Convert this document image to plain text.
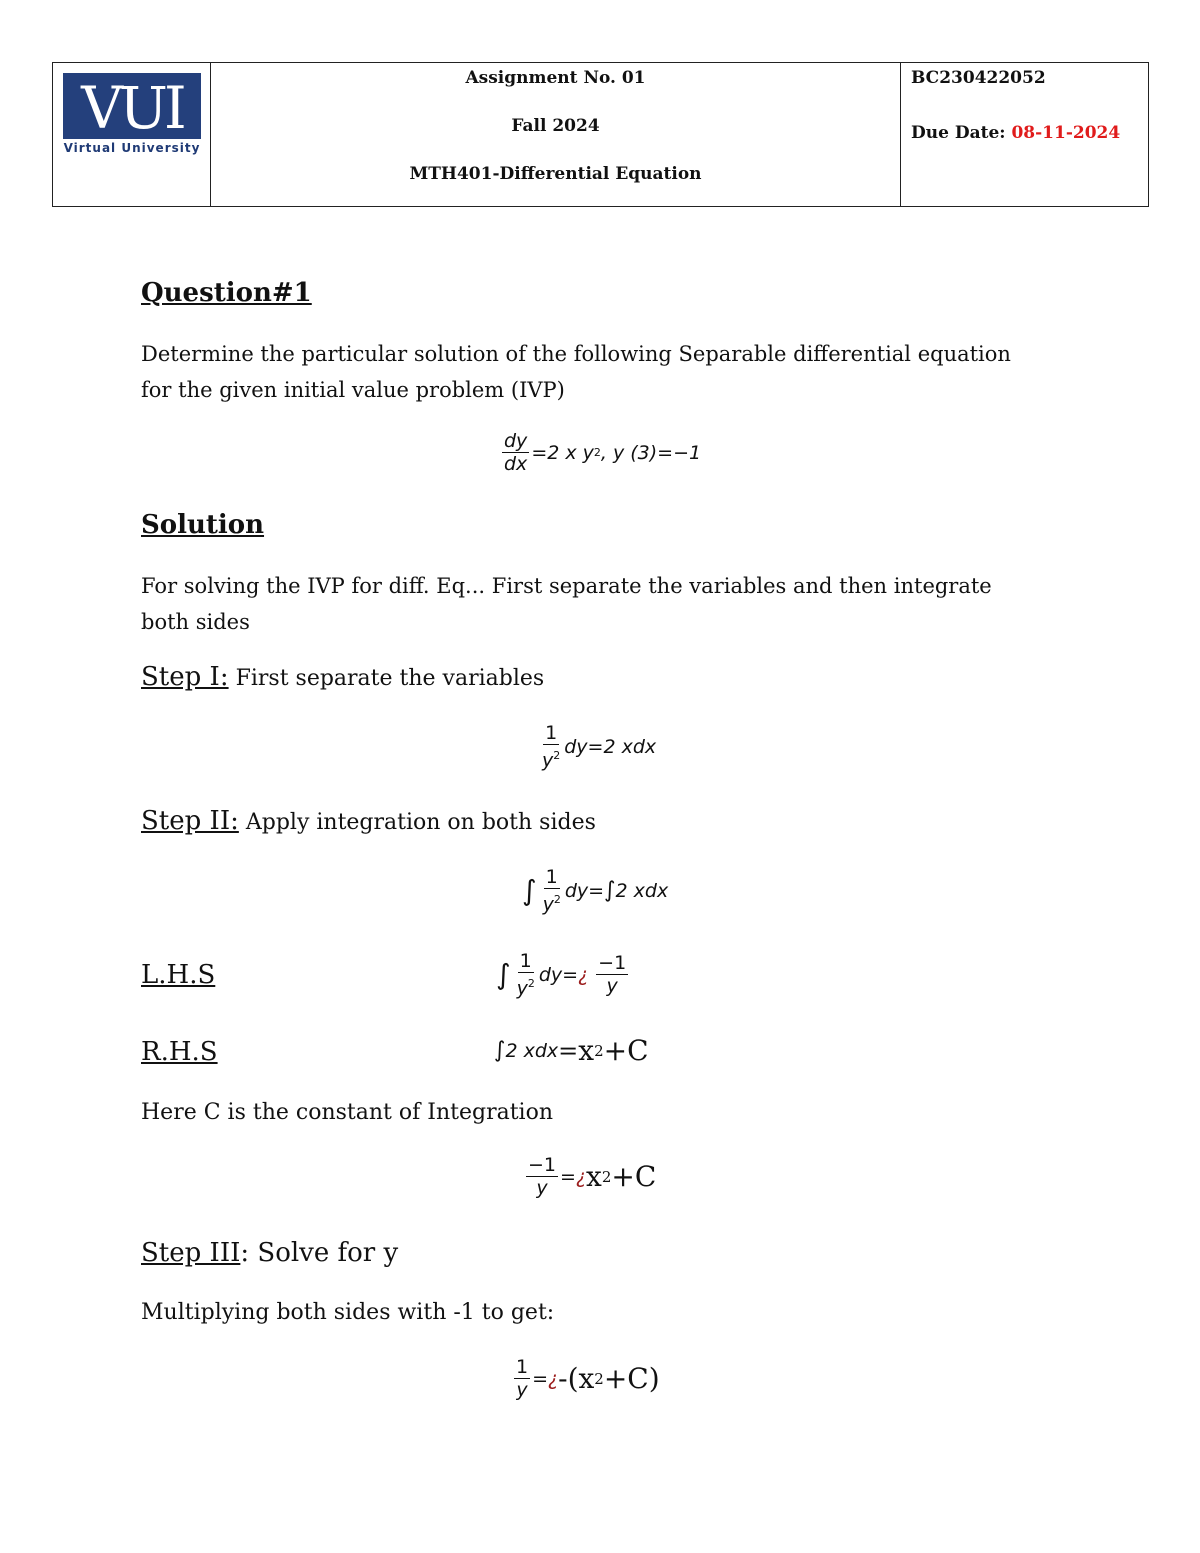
VUI
Virtual University
Assignment No. 01
Fall 2024
MTH401-Differential Equation
BC230422052
Due Date: 08-11-2024
Question#1
Determine the particular solution of the following Separable differential equation
for the given initial value problem (IVP)
$\frac{dy}{dx} =2$ x y 2 , y (3)=−1
Solution
For solving the IVP for diff. Eq... First separate the variables and then integrate
both sides
Step I: First separate the variables
$\frac{1}{y^2} dy=2$ xdx
Step II: Apply integration on both sides
∫ $\frac{1}{y^2} dy=$ ∫ 2 xdx
L.H.S	∫ $\frac{1}{y^2} dy=$ ¿ $\frac{-1}{y}$
R.H.S	∫ 2 xdx = x 2 +C
Here C is the constant of Integration
$\frac{-1}{y}$ = ¿ x 2 +C
Step III: Solve for y
Multiplying both sides with -1 to get:
$\frac{1}{y}$ = ¿ -(x 2 +C)
